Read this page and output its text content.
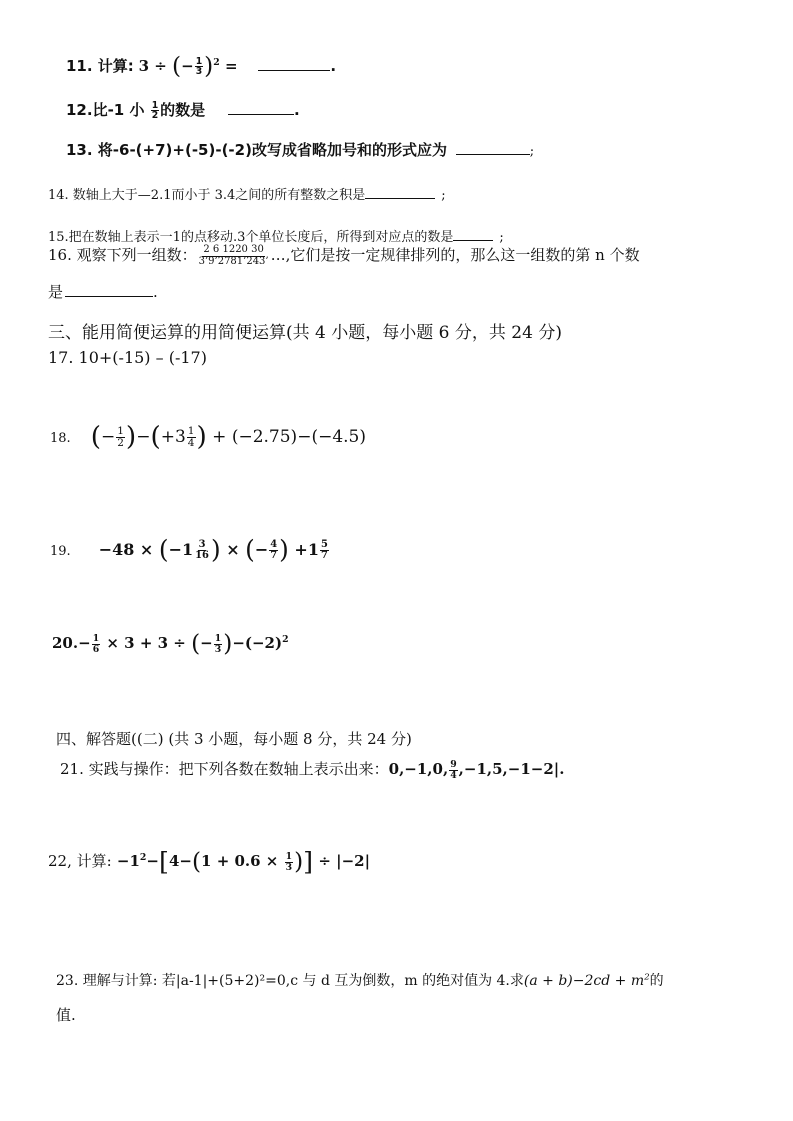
11. 计算: 3 ÷ (− $\frac{1}{3} )^2$ =	.
12.比-1 小 $\frac{1}{2}$ 的数是	.
13. 将-6-(+7)+(-5)-(-2)改写成省略加号和的形式应为	;
14. 数轴上大于—2.1而小于 3.4之间的所有整数之积是	;
15.把在数轴上表示一1的点移动.3个单位长度后，所得到对应点的数是	;
16. 观察下列一组数： $\frac{2 6 1220 30}{3’9’2781’243’}$ …,它们是按一定规律排列的，那么这一组数的第 n 个数
是	.
三、能用简便运算的用简便运算(共 4 小题，每小题 6 分，共 24 分)
17. 10+(-15) – (-17)
18. (− $\frac{1}{2} )-(+3 \frac{1}{4}$ ) + (−2.75)−(−4.5)
19. $-48 \times (-1 \frac{3}{16}$ ) × (− $\frac{4}{7}$ ) $+1 \frac{5}{7}$
$20.- \frac{1}{6} \times 3 + 3$ ÷ (− $\frac{1}{3} )-(-2)^2$
四、解答题((二) (共 3 小题，每小题 8 分，共 24 分)
21. 实践与操作：把下列各数在数轴上表示出来：0,−1,0, $\frac{9}{4} ,-1,5,-1-2|$.
22, 计算: $-1^2-[4-(1 + 0.6 \times \frac{1}{3}$ )] ÷ |−2|
23. 理解与计算: 若|a-1|+(5+2)²=0,c 与 d 互为倒数，m 的绝对值为 4.求$(a + b)-2cd + m^2$的
值.
